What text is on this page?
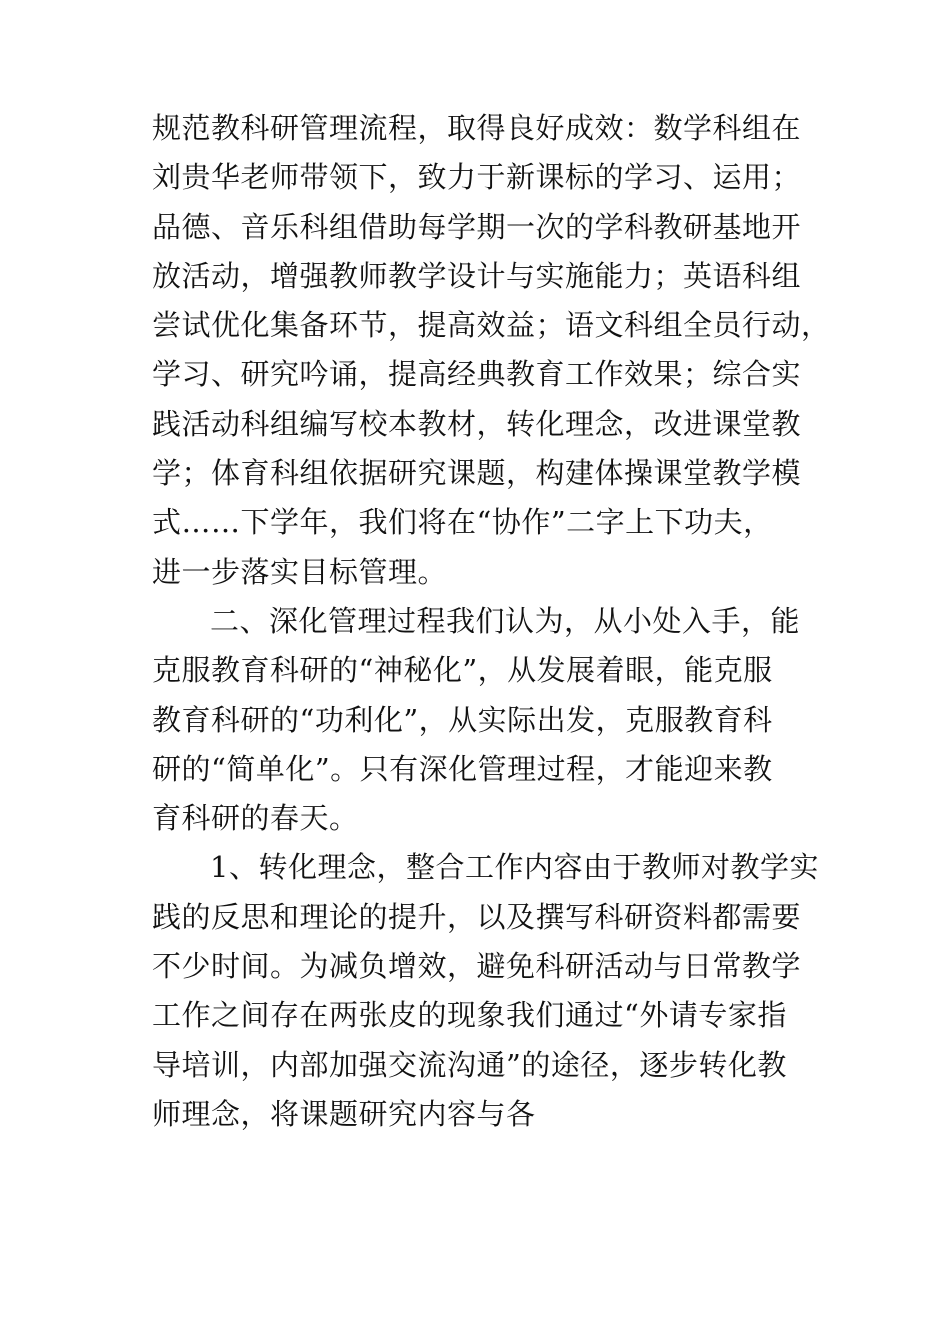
规范教科研管理流程，取得良好成效：数学科组在
刘贵华老师带领下，致力于新课标的学习、运用；
品德、音乐科组借助每学期一次的学科教研基地开
放活动，增强教师教学设计与实施能力；英语科组
尝试优化集备环节，提高效益；语文科组全员行动，
学习、研究吟诵，提高经典教育工作效果；综合实
践活动科组编写校本教材，转化理念，改进课堂教
学；体育科组依据研究课题，构建体操课堂教学模
式……下学年，我们将在“协作”二字上下功夫，
进一步落实目标管理。
二、深化管理过程我们认为，从小处入手，能
克服教育科研的“神秘化”，从发展着眼，能克服
教育科研的“功利化”，从实际出发，克服教育科
研的“简单化”。只有深化管理过程，才能迎来教
育科研的春天。
1、转化理念，整合工作内容由于教师对教学实
践的反思和理论的提升，以及撰写科研资料都需要
不少时间。为减负增效，避免科研活动与日常教学
工作之间存在两张皮的现象我们通过“外请专家指
导培训，内部加强交流沟通”的途径，逐步转化教
师理念，将课题研究内容与各
